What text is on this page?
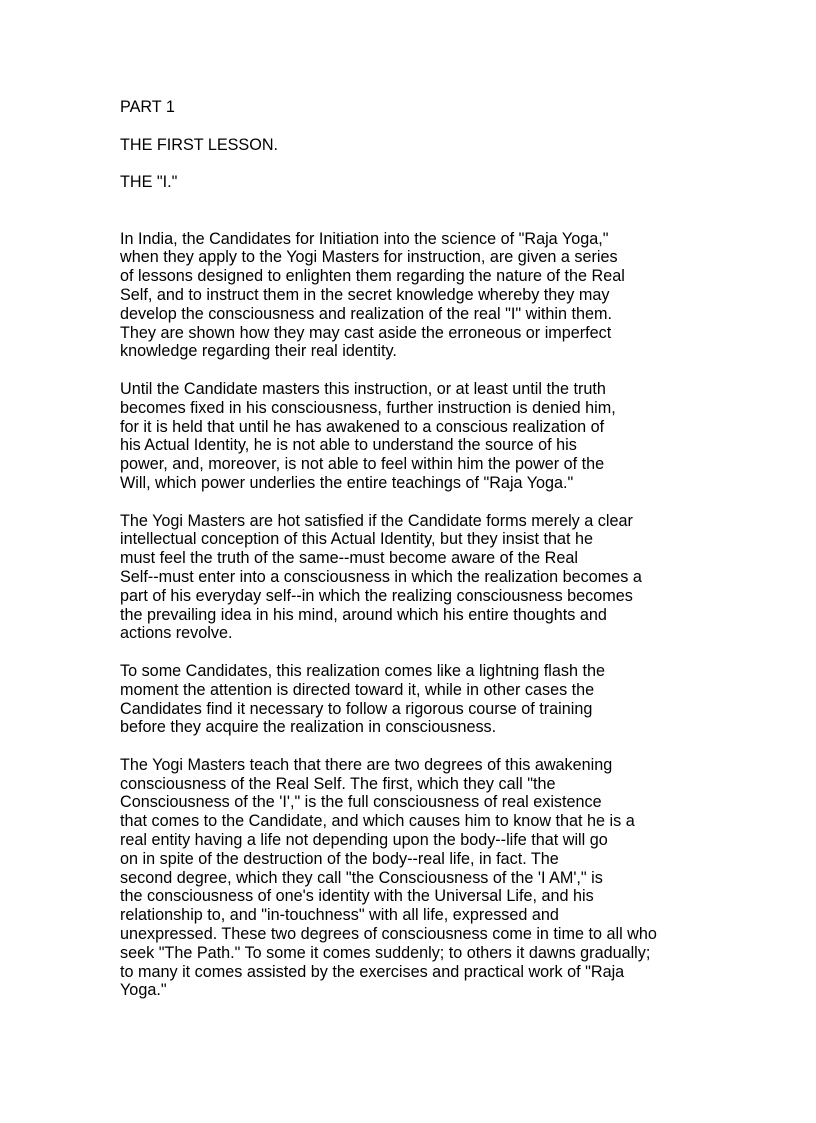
PART 1
THE FIRST LESSON.
THE "I."
In India, the Candidates for Initiation into the science of "Raja Yoga,"
when they apply to the Yogi Masters for instruction, are given a series
of lessons designed to enlighten them regarding the nature of the Real
Self, and to instruct them in the secret knowledge whereby they may
develop the consciousness and realization of the real "I" within them.
They are shown how they may cast aside the erroneous or imperfect
knowledge regarding their real identity.
Until the Candidate masters this instruction, or at least until the truth
becomes fixed in his consciousness, further instruction is denied him,
for it is held that until he has awakened to a conscious realization of
his Actual Identity, he is not able to understand the source of his
power, and, moreover, is not able to feel within him the power of the
Will, which power underlies the entire teachings of "Raja Yoga."
The Yogi Masters are hot satisfied if the Candidate forms merely a clear
intellectual conception of this Actual Identity, but they insist that he
must feel the truth of the same--must become aware of the Real
Self--must enter into a consciousness in which the realization becomes a
part of his everyday self--in which the realizing consciousness becomes
the prevailing idea in his mind, around which his entire thoughts and
actions revolve.
To some Candidates, this realization comes like a lightning flash the
moment the attention is directed toward it, while in other cases the
Candidates find it necessary to follow a rigorous course of training
before they acquire the realization in consciousness.
The Yogi Masters teach that there are two degrees of this awakening
consciousness of the Real Self. The first, which they call "the
Consciousness of the 'I'," is the full consciousness of real existence
that comes to the Candidate, and which causes him to know that he is a
real entity having a life not depending upon the body--life that will go
on in spite of the destruction of the body--real life, in fact. The
second degree, which they call "the Consciousness of the 'I AM'," is
the consciousness of one's identity with the Universal Life, and his
relationship to, and "in-touchness" with all life, expressed and
unexpressed. These two degrees of consciousness come in time to all who
seek "The Path." To some it comes suddenly; to others it dawns gradually;
to many it comes assisted by the exercises and practical work of "Raja
Yoga."
